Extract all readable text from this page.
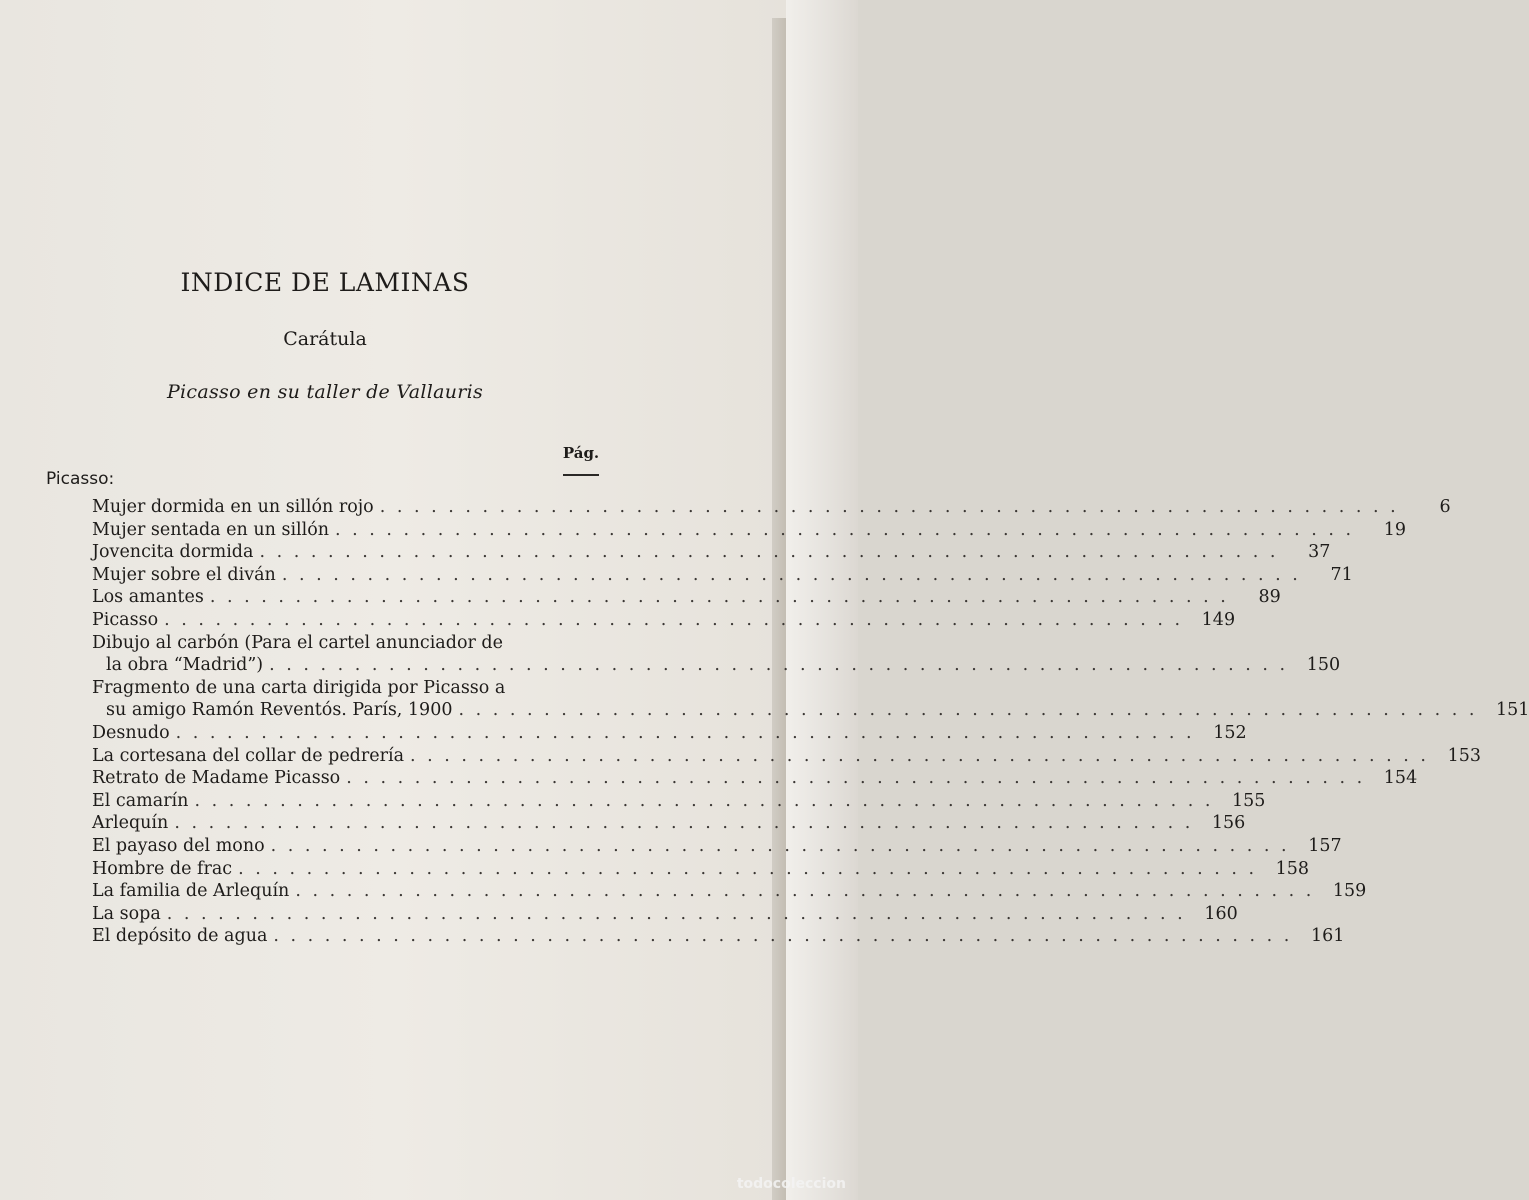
INDICE DE LAMINAS
Carátula
Picasso en su taller de Vallauris
Pág.
Picasso:
Mujer dormida en un sillón rojo . . . . . . . . . . . . . . . . . . . . . . . . . . . . . . . . . . . . . . . . . . . . . . . . . . . . . . . . . . . .	6
Mujer sentada en un sillón . . . . . . . . . . . . . . . . . . . . . . . . . . . . . . . . . . . . . . . . . . . . . . . . . . . . . . . . . . . .	19
Jovencita dormida . . . . . . . . . . . . . . . . . . . . . . . . . . . . . . . . . . . . . . . . . . . . . . . . . . . . . . . . . . . .	37
Mujer sobre el diván . . . . . . . . . . . . . . . . . . . . . . . . . . . . . . . . . . . . . . . . . . . . . . . . . . . . . . . . . . . .	71
Los amantes . . . . . . . . . . . . . . . . . . . . . . . . . . . . . . . . . . . . . . . . . . . . . . . . . . . . . . . . . . . .	89
Picasso . . . . . . . . . . . . . . . . . . . . . . . . . . . . . . . . . . . . . . . . . . . . . . . . . . . . . . . . . . . .	149
Dibujo al carbón (Para el cartel anunciador de
la obra “Madrid”) . . . . . . . . . . . . . . . . . . . . . . . . . . . . . . . . . . . . . . . . . . . . . . . . . . . . . . . . . . . .	150
Fragmento de una carta dirigida por Picasso a
su amigo Ramón Reventós. París, 1900 . . . . . . . . . . . . . . . . . . . . . . . . . . . . . . . . . . . . . . . . . . . . . . . . . . . . . . . . . . . .	151
Desnudo . . . . . . . . . . . . . . . . . . . . . . . . . . . . . . . . . . . . . . . . . . . . . . . . . . . . . . . . . . . .	152
La cortesana del collar de pedrería . . . . . . . . . . . . . . . . . . . . . . . . . . . . . . . . . . . . . . . . . . . . . . . . . . . . . . . . . . . .	153
Retrato de Madame Picasso . . . . . . . . . . . . . . . . . . . . . . . . . . . . . . . . . . . . . . . . . . . . . . . . . . . . . . . . . . . .	154
El camarín . . . . . . . . . . . . . . . . . . . . . . . . . . . . . . . . . . . . . . . . . . . . . . . . . . . . . . . . . . . .	155
Arlequín . . . . . . . . . . . . . . . . . . . . . . . . . . . . . . . . . . . . . . . . . . . . . . . . . . . . . . . . . . . .	156
El payaso del mono . . . . . . . . . . . . . . . . . . . . . . . . . . . . . . . . . . . . . . . . . . . . . . . . . . . . . . . . . . . .	157
Hombre de frac . . . . . . . . . . . . . . . . . . . . . . . . . . . . . . . . . . . . . . . . . . . . . . . . . . . . . . . . . . . .	158
La familia de Arlequín . . . . . . . . . . . . . . . . . . . . . . . . . . . . . . . . . . . . . . . . . . . . . . . . . . . . . . . . . . . .	159
La sopa . . . . . . . . . . . . . . . . . . . . . . . . . . . . . . . . . . . . . . . . . . . . . . . . . . . . . . . . . . . .	160
El depósito de agua . . . . . . . . . . . . . . . . . . . . . . . . . . . . . . . . . . . . . . . . . . . . . . . . . . . . . . . . . . . .	161
todocoleccion
